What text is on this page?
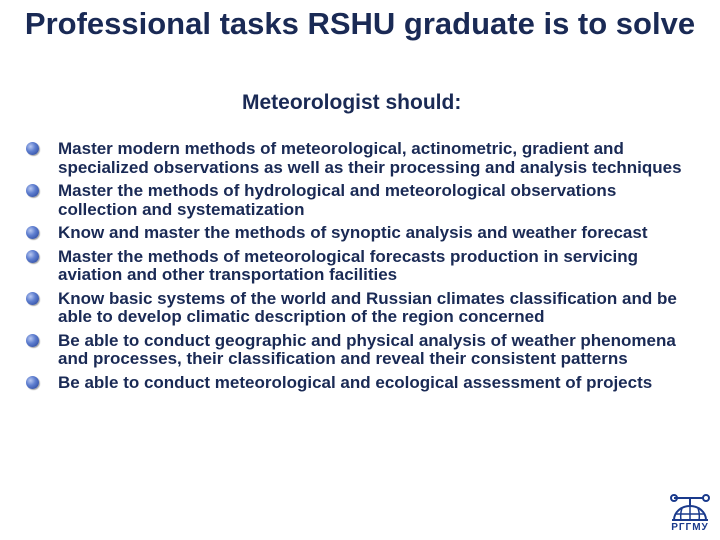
Professional tasks RSHU graduate is to solve
Meteorologist should:
Master modern methods of meteorological, actinometric, gradient and specialized observations as well as their processing and analysis techniques
Master the methods of hydrological and meteorological observations collection and systematization
Know and master the methods of synoptic analysis and weather forecast
Master the methods of meteorological forecasts production in servicing aviation and other transportation facilities
Know basic systems of the world and Russian climates classification and be able to develop climatic description of the region concerned
Be able to conduct geographic and physical analysis of weather phenomena and processes, their classification and reveal their consistent patterns
Be able to conduct meteorological and ecological assessment of projects
РГГМУ
